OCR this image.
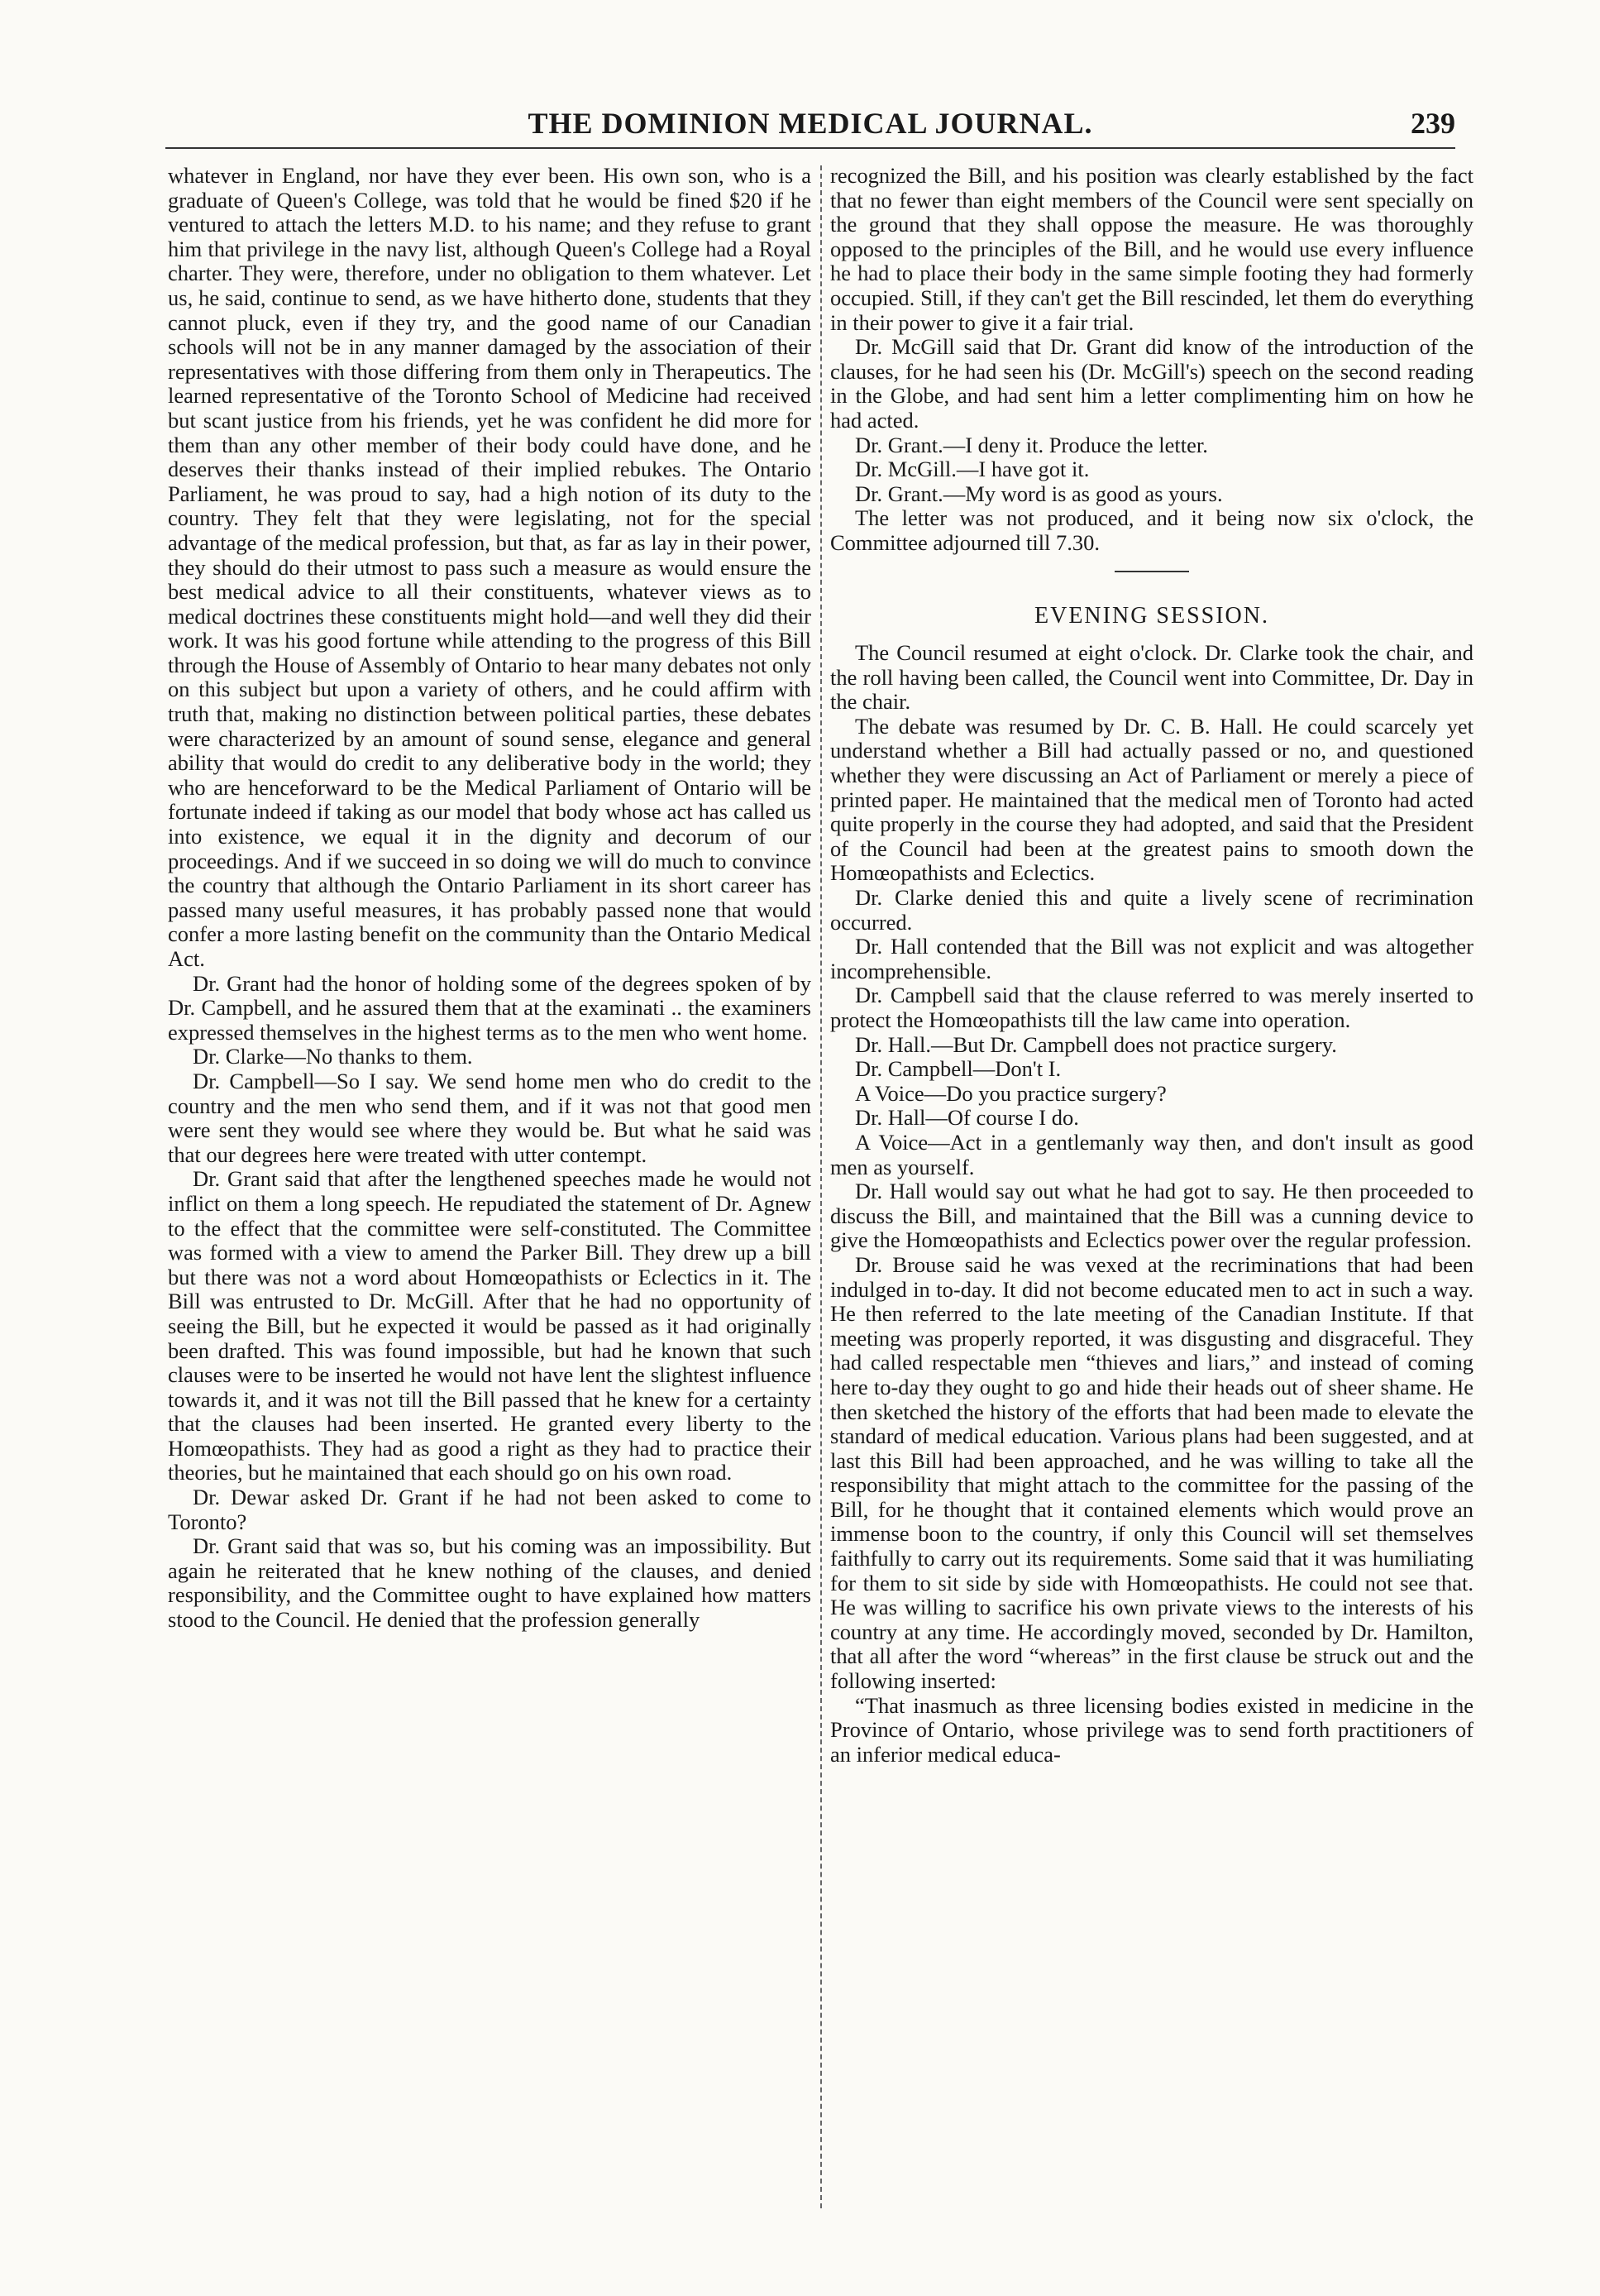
THE DOMINION MEDICAL JOURNAL.	239

whatever in England, nor have they ever been. His own son, who is a graduate of Queen's College, was told that he would be fined $20 if he ventured to attach the letters M.D. to his name; and they refuse to grant him that privilege in the navy list, although Queen's College had a Royal charter. They were, therefore, under no obligation to them whatever. Let us, he said, continue to send, as we have hitherto done, students that they cannot pluck, even if they try, and the good name of our Canadian schools will not be in any manner damaged by the association of their representatives with those differing from them only in Therapeutics. The learned representative of the Toronto School of Medicine had received but scant justice from his friends, yet he was confident he did more for them than any other member of their body could have done, and he deserves their thanks instead of their implied rebukes. The Ontario Parliament, he was proud to say, had a high notion of its duty to the country. They felt that they were legislating, not for the special advantage of the medical profession, but that, as far as lay in their power, they should do their utmost to pass such a measure as would ensure the best medical advice to all their constituents, whatever views as to medical doctrines these constituents might hold—and well they did their work. It was his good fortune while attending to the progress of this Bill through the House of Assembly of Ontario to hear many debates not only on this subject but upon a variety of others, and he could affirm with truth that, making no distinction between political parties, these debates were characterized by an amount of sound sense, elegance and general ability that would do credit to any deliberative body in the world; they who are henceforward to be the Medical Parliament of Ontario will be fortunate indeed if taking as our model that body whose act has called us into existence, we equal it in the dignity and decorum of our proceedings. And if we succeed in so doing we will do much to convince the country that although the Ontario Parliament in its short career has passed many useful measures, it has probably passed none that would confer a more lasting benefit on the community than the Ontario Medical Act.

Dr. Grant had the honor of holding some of the degrees spoken of by Dr. Campbell, and he assured them that at the examinati .. the examiners expressed themselves in the highest terms as to the men who went home.

Dr. Clarke—No thanks to them.

Dr. Campbell—So I say. We send home men who do credit to the country and the men who send them, and if it was not that good men were sent they would see where they would be. But what he said was that our degrees here were treated with utter contempt.

Dr. Grant said that after the lengthened speeches made he would not inflict on them a long speech. He repudiated the statement of Dr. Agnew to the effect that the committee were self-constituted. The Committee was formed with a view to amend the Parker Bill. They drew up a bill but there was not a word about Homœopathists or Eclectics in it. The Bill was entrusted to Dr. McGill. After that he had no opportunity of seeing the Bill, but he expected it would be passed as it had originally been drafted. This was found impossible, but had he known that such clauses were to be inserted he would not have lent the slightest influence towards it, and it was not till the Bill passed that he knew for a certainty that the clauses had been inserted. He granted every liberty to the Homœopathists. They had as good a right as they had to practice their theories, but he maintained that each should go on his own road.

Dr. Dewar asked Dr. Grant if he had not been asked to come to Toronto?

Dr. Grant said that was so, but his coming was an impossibility. But again he reiterated that he knew nothing of the clauses, and denied responsibility, and the Committee ought to have explained how matters stood to the Council. He denied that the profession generally

recognized the Bill, and his position was clearly established by the fact that no fewer than eight members of the Council were sent specially on the ground that they shall oppose the measure. He was thoroughly opposed to the principles of the Bill, and he would use every influence he had to place their body in the same simple footing they had formerly occupied. Still, if they can't get the Bill rescinded, let them do everything in their power to give it a fair trial.

Dr. McGill said that Dr. Grant did know of the introduction of the clauses, for he had seen his (Dr. McGill's) speech on the second reading in the Globe, and had sent him a letter complimenting him on how he had acted.

Dr. Grant.—I deny it. Produce the letter.

Dr. McGill.—I have got it.

Dr. Grant.—My word is as good as yours.

The letter was not produced, and it being now six o'clock, the Committee adjourned till 7.30.

EVENING SESSION.

The Council resumed at eight o'clock. Dr. Clarke took the chair, and the roll having been called, the Council went into Committee, Dr. Day in the chair.

The debate was resumed by Dr. C. B. Hall. He could scarcely yet understand whether a Bill had actually passed or no, and questioned whether they were discussing an Act of Parliament or merely a piece of printed paper. He maintained that the medical men of Toronto had acted quite properly in the course they had adopted, and said that the President of the Council had been at the greatest pains to smooth down the Homœopathists and Eclectics.

Dr. Clarke denied this and quite a lively scene of recrimination occurred.

Dr. Hall contended that the Bill was not explicit and was altogether incomprehensible.

Dr. Campbell said that the clause referred to was merely inserted to protect the Homœopathists till the law came into operation.

Dr. Hall.—But Dr. Campbell does not practice surgery.

Dr. Campbell—Don't I.

A Voice—Do you practice surgery?

Dr. Hall—Of course I do.

A Voice—Act in a gentlemanly way then, and don't insult as good men as yourself.

Dr. Hall would say out what he had got to say. He then proceeded to discuss the Bill, and maintained that the Bill was a cunning device to give the Homœopathists and Eclectics power over the regular profession.

Dr. Brouse said he was vexed at the recriminations that had been indulged in to-day. It did not become educated men to act in such a way. He then referred to the late meeting of the Canadian Institute. If that meeting was properly reported, it was disgusting and disgraceful. They had called respectable men “thieves and liars,” and instead of coming here to-day they ought to go and hide their heads out of sheer shame. He then sketched the history of the efforts that had been made to elevate the standard of medical education. Various plans had been suggested, and at last this Bill had been approached, and he was willing to take all the responsibility that might attach to the committee for the passing of the Bill, for he thought that it contained elements which would prove an immense boon to the country, if only this Council will set themselves faithfully to carry out its requirements. Some said that it was humiliating for them to sit side by side with Homœopathists. He could not see that. He was willing to sacrifice his own private views to the interests of his country at any time. He accordingly moved, seconded by Dr. Hamilton, that all after the word “whereas” in the first clause be struck out and the following inserted:

“That inasmuch as three licensing bodies existed in medicine in the Province of Ontario, whose privilege was to send forth practitioners of an inferior medical educa-
